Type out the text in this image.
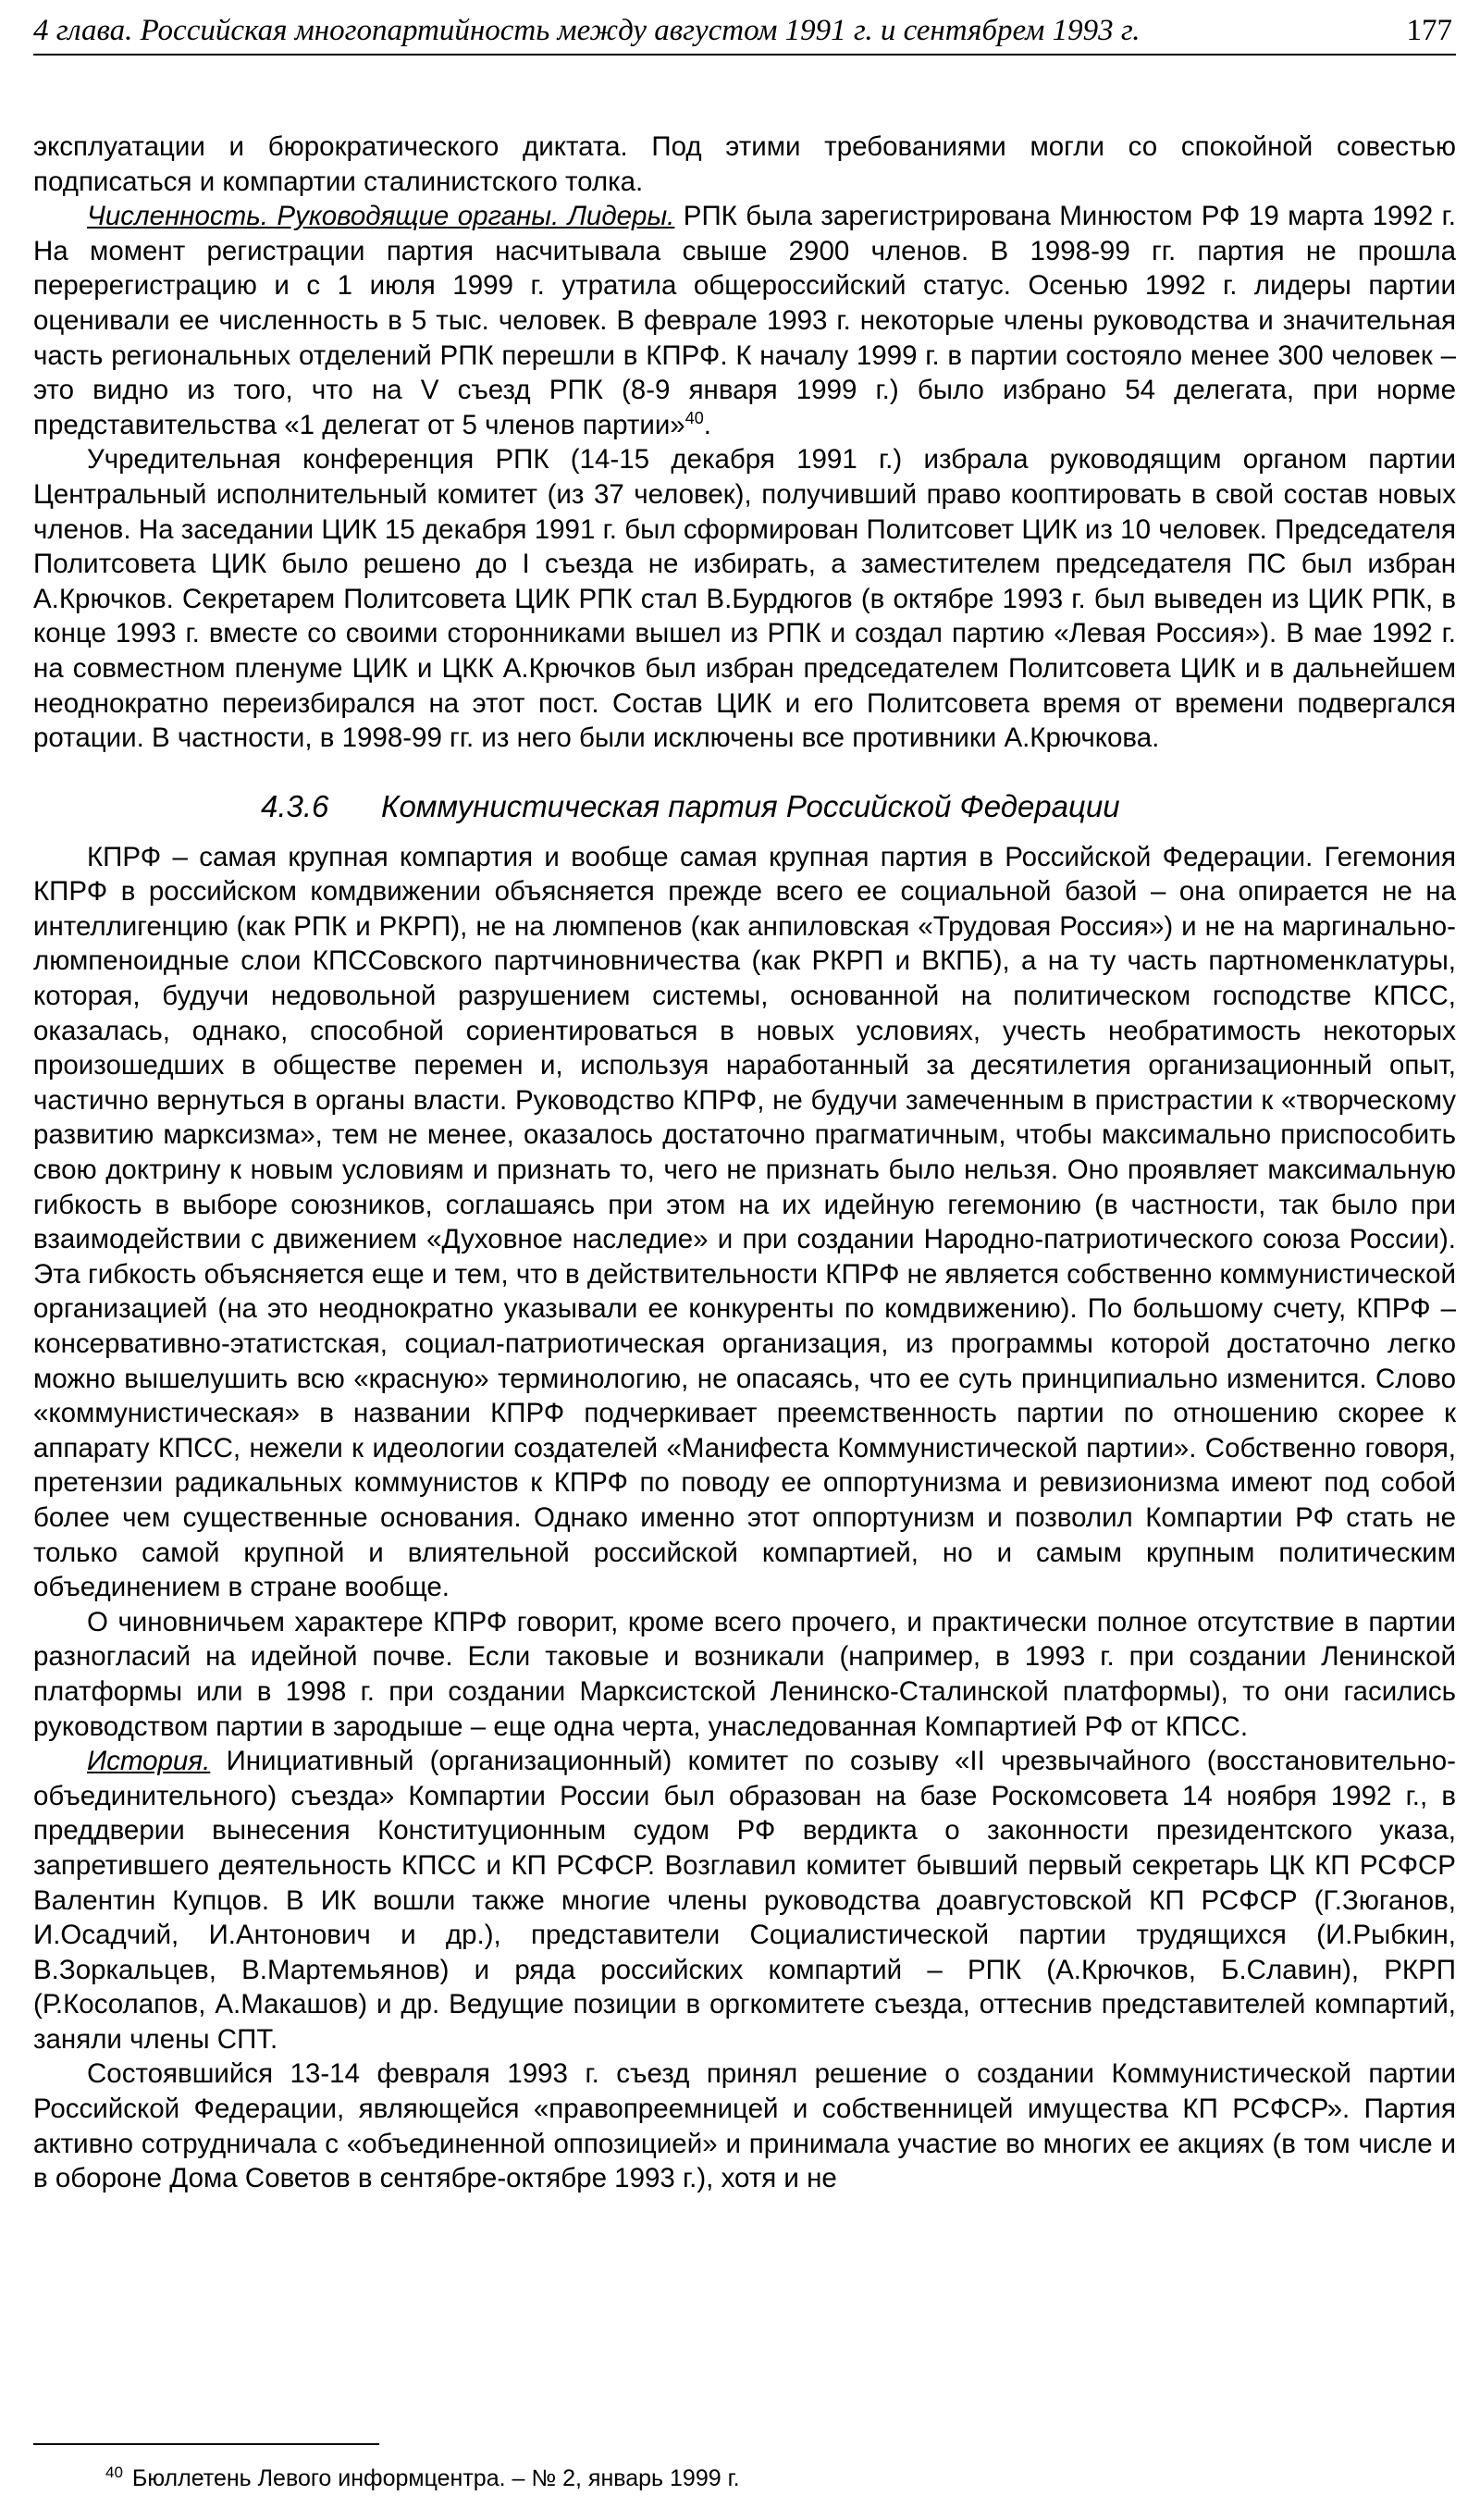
4 глава. Российская многопартийность между августом 1991 г. и сентябрем 1993 г.	177

эксплуатации и бюрократического диктата. Под этими требованиями могли со спокойной совестью подписаться и компартии сталинистского толка.

Численность. Руководящие органы. Лидеры. РПК была зарегистрирована Минюстом РФ 19 марта 1992 г. На момент регистрации партия насчитывала свыше 2900 членов. В 1998-99 гг. партия не прошла перерегистрацию и с 1 июля 1999 г. утратила общероссийский статус. Осенью 1992 г. лидеры партии оценивали ее численность в 5 тыс. человек. В феврале 1993 г. некоторые члены руководства и значительная часть региональных отделений РПК перешли в КПРФ. К началу 1999 г. в партии состояло менее 300 человек – это видно из того, что на V съезд РПК (8-9 января 1999 г.) было избрано 54 делегата, при норме представительства «1 делегат от 5 членов партии»$^{40}$.

Учредительная конференция РПК (14-15 декабря 1991 г.) избрала руководящим органом партии Центральный исполнительный комитет (из 37 человек), получивший право кооптировать в свой состав новых членов. На заседании ЦИК 15 декабря 1991 г. был сформирован Политсовет ЦИК из 10 человек. Председателя Политсовета ЦИК было решено до I съезда не избирать, а заместителем председателя ПС был избран А.Крючков. Секретарем Политсовета ЦИК РПК стал В.Бурдюгов (в октябре 1993 г. был выведен из ЦИК РПК, в конце 1993 г. вместе со своими сторонниками вышел из РПК и создал партию «Левая Россия»). В мае 1992 г. на совместном пленуме ЦИК и ЦКК А.Крючков был избран председателем Политсовета ЦИК и в дальнейшем неоднократно переизбирался на этот пост. Состав ЦИК и его Политсовета время от времени подвергался ротации. В частности, в 1998-99 гг. из него были исключены все противники А.Крючкова.

4.3.6 Коммунистическая партия Российской Федерации

КПРФ – самая крупная компартия и вообще самая крупная партия в Российской Федерации. Гегемония КПРФ в российском комдвижении объясняется прежде всего ее социальной базой – она опирается не на интеллигенцию (как РПК и РКРП), не на люмпенов (как анпиловская «Трудовая Россия») и не на маргинально-люмпеноидные слои КПССовского партчиновничества (как РКРП и ВКПБ), а на ту часть партноменклатуры, которая, будучи недовольной разрушением системы, основанной на политическом господстве КПСС, оказалась, однако, способной сориентироваться в новых условиях, учесть необратимость некоторых произошедших в обществе перемен и, используя наработанный за десятилетия организационный опыт, частично вернуться в органы власти. Руководство КПРФ, не будучи замеченным в пристрастии к «творческому развитию марксизма», тем не менее, оказалось достаточно прагматичным, чтобы максимально приспособить свою доктрину к новым условиям и признать то, чего не признать было нельзя. Оно проявляет максимальную гибкость в выборе союзников, соглашаясь при этом на их идейную гегемонию (в частности, так было при взаимодействии с движением «Духовное наследие» и при создании Народно-патриотического союза России). Эта гибкость объясняется еще и тем, что в действительности КПРФ не является собственно коммунистической организацией (на это неоднократно указывали ее конкуренты по комдвижению). По большому счету, КПРФ – консервативно-этатистская, социал-патриотическая организация, из программы которой достаточно легко можно вышелушить всю «красную» терминологию, не опасаясь, что ее суть принципиально изменится. Слово «коммунистическая» в названии КПРФ подчеркивает преемственность партии по отношению скорее к аппарату КПСС, нежели к идеологии создателей «Манифеста Коммунистической партии». Собственно говоря, претензии радикальных коммунистов к КПРФ по поводу ее оппортунизма и ревизионизма имеют под собой более чем существенные основания. Однако именно этот оппортунизм и позволил Компартии РФ стать не только самой крупной и влиятельной российской компартией, но и самым крупным политическим объединением в стране вообще.

О чиновничьем характере КПРФ говорит, кроме всего прочего, и практически полное отсутствие в партии разногласий на идейной почве. Если таковые и возникали (например, в 1993 г. при создании Ленинской платформы или в 1998 г. при создании Марксистской Ленинско-Сталинской платформы), то они гасились руководством партии в зародыше – еще одна черта, унаследованная Компартией РФ от КПСС.

История. Инициативный (организационный) комитет по созыву «II чрезвычайного (восстановительно-объединительного) съезда» Компартии России был образован на базе Роскомсовета 14 ноября 1992 г., в преддверии вынесения Конституционным судом РФ вердикта о законности президентского указа, запретившего деятельность КПСС и КП РСФСР. Возглавил комитет бывший первый секретарь ЦК КП РСФСР Валентин Купцов. В ИК вошли также многие члены руководства доавгустовской КП РСФСР (Г.Зюганов, И.Осадчий, И.Антонович и др.), представители Социалистической партии трудящихся (И.Рыбкин, В.Зоркальцев, В.Мартемьянов) и ряда российских компартий – РПК (А.Крючков, Б.Славин), РКРП (Р.Косолапов, А.Макашов) и др. Ведущие позиции в оргкомитете съезда, оттеснив представителей компартий, заняли члены СПТ.

Состоявшийся 13-14 февраля 1993 г. съезд принял решение о создании Коммунистической партии Российской Федерации, являющейся «правопреемницей и собственницей имущества КП РСФСР». Партия активно сотрудничала с «объединенной оппозицией» и принимала участие во многих ее акциях (в том числе и в обороне Дома Советов в сентябре-октябре 1993 г.), хотя и не

$^{40}$ Бюллетень Левого информцентра. – № 2, январь 1999 г.
